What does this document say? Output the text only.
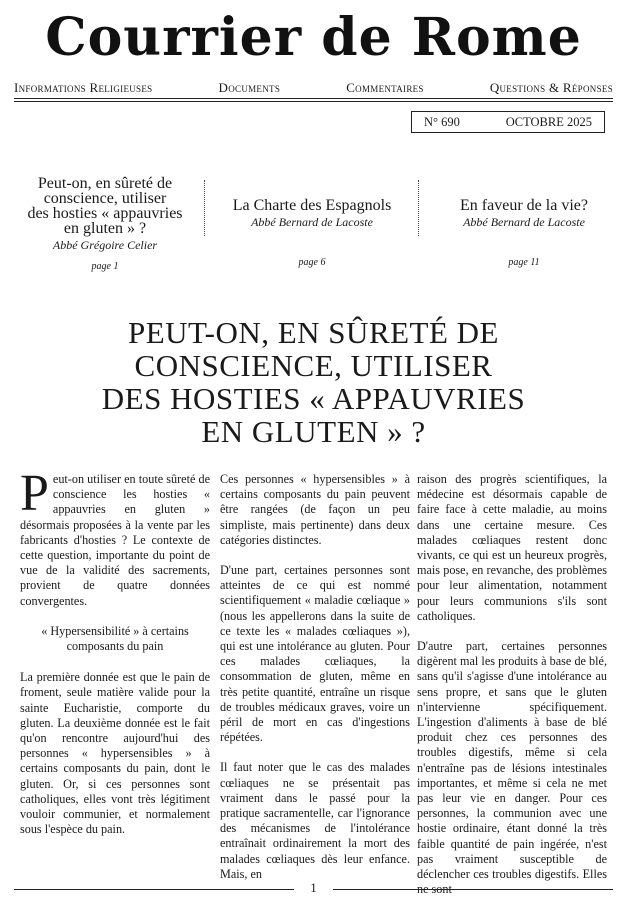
Courrier de Rome
Informations Religieuses	Documents	Commentaires	Questions & Réponses
N° 690	OCTOBRE 2025
Peut-on, en sûreté de
conscience, utiliser
des hosties « appauvries
en gluten » ?
Abbé Grégoire Celier
page 1
La Charte des Espagnols
Abbé Bernard de Lacoste
page 6
En faveur de la vie?
Abbé Bernard de Lacoste
page 11
PEUT-ON, EN SÛRETÉ DE
CONSCIENCE, UTILISER
DES HOSTIES « APPAUVRIES
EN GLUTEN » ?

Peut-on utiliser en toute sûreté de conscience les hosties « appauvries en gluten » désormais proposées à la vente par les fabricants d'hosties ? Le contexte de cette question, importante du point de vue de la validité des sacrements, provient de quatre données convergentes.

« Hypersensibilité » à certains composants du pain

La première donnée est que le pain de froment, seule matière valide pour la sainte Eucharistie, comporte du gluten. La deuxième donnée est le fait qu'on rencontre aujourd'hui des personnes « hypersensibles » à certains composants du pain, dont le gluten. Or, si ces personnes sont catholiques, elles vont très légitiment vouloir communier, et normalement sous l'espèce du pain.

Ces personnes « hypersensibles » à certains composants du pain peuvent être rangées (de façon un peu simpliste, mais pertinente) dans deux catégories distinctes.

D'une part, certaines personnes sont atteintes de ce qui est nommé scientifiquement « maladie cœliaque » (nous les appellerons dans la suite de ce texte les « malades cœliaques »), qui est une intolérance au gluten. Pour ces malades cœliaques, la consommation de gluten, même en très petite quantité, entraîne un risque de troubles médicaux graves, voire un péril de mort en cas d'ingestions répétées.

Il faut noter que le cas des malades cœliaques ne se présentait pas vraiment dans le passé pour la pratique sacramentelle, car l'ignorance des mécanismes de l'intolérance entraînait ordinairement la mort des malades cœliaques dès leur enfance. Mais, en

raison des progrès scientifiques, la médecine est désormais capable de faire face à cette maladie, au moins dans une certaine mesure. Ces malades cœliaques restent donc vivants, ce qui est un heureux progrès, mais pose, en revanche, des problèmes pour leur alimentation, notamment pour leurs communions s'ils sont catholiques.

D'autre part, certaines personnes digèrent mal les produits à base de blé, sans qu'il s'agisse d'une intolérance au sens propre, et sans que le gluten n'intervienne spécifiquement. L'ingestion d'aliments à base de blé produit chez ces personnes des troubles digestifs, même si cela n'entraîne pas de lésions intestinales importantes, et même si cela ne met pas leur vie en danger. Pour ces personnes, la communion avec une hostie ordinaire, étant donné la très faible quantité de pain ingérée, n'est pas vraiment susceptible de déclencher ces troubles digestifs. Elles ne sont

1
